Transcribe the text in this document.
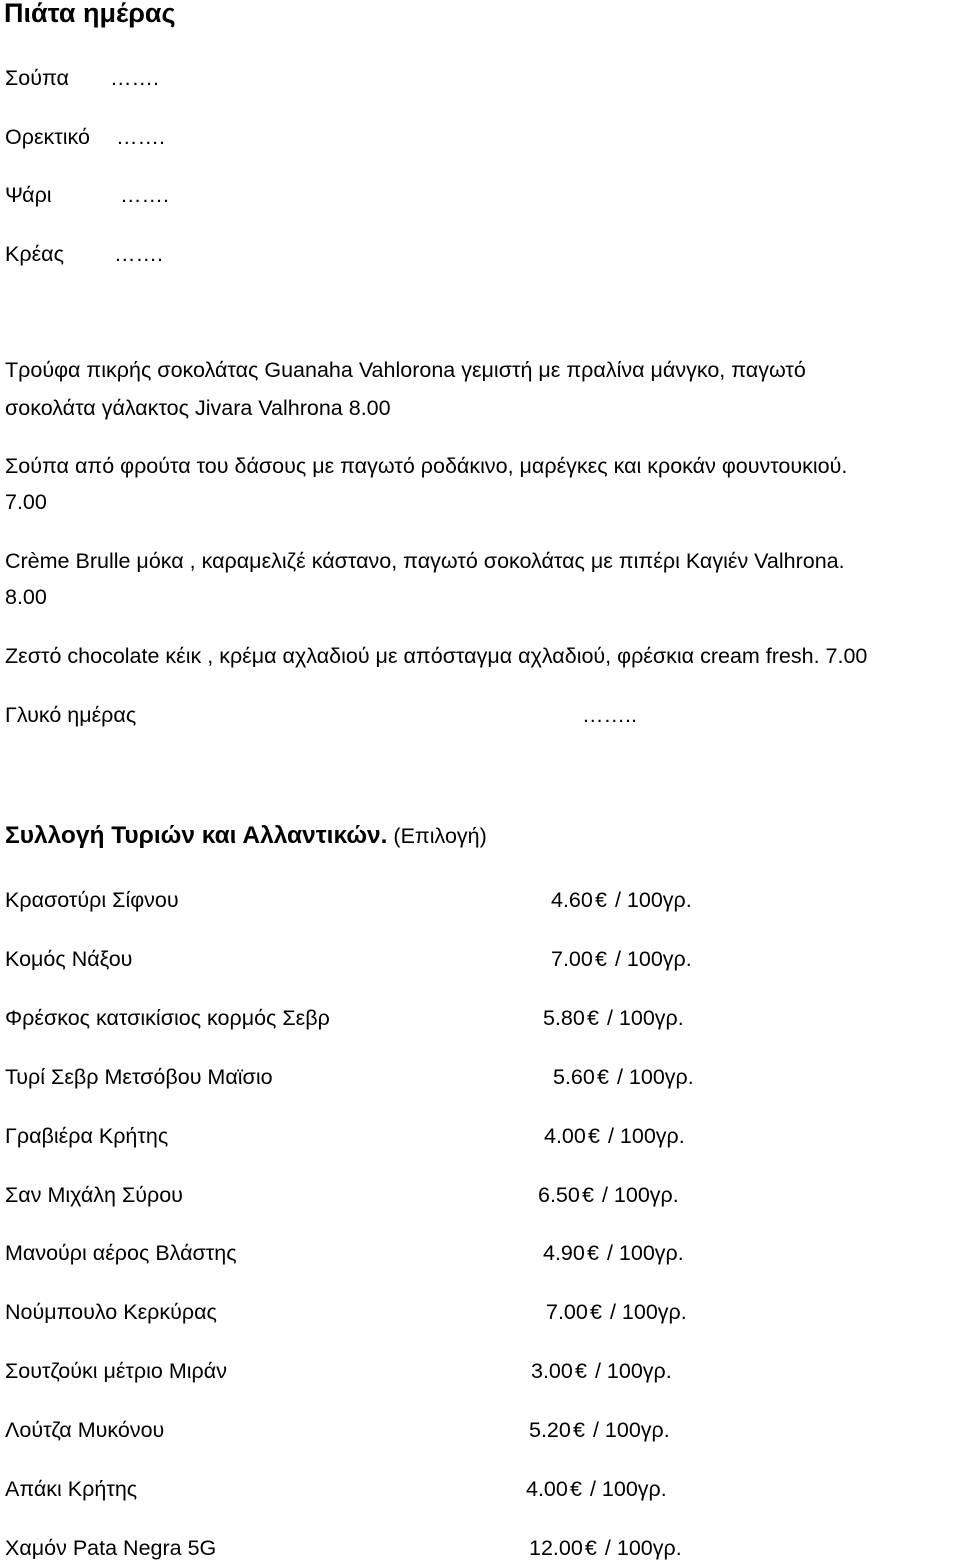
Πιάτα ημέρας
Σούπα …….
Ορεκτικό …….
Ψάρι	…….
Κρέας …….
Τρούφα πικρής σοκολάτας Guanaha Vahlorona γεμιστή με πραλίνα μάνγκο, παγωτό
σοκολάτα γάλακτος Jivara Valhrona 8.00
Σούπα από φρούτα του δάσους με παγωτό ροδάκινο, μαρέγκες και κροκάν φουντουκιού.
7.00
Crème Brulle μόκα , καραμελιζέ κάστανο, παγωτό σοκολάτας με πιπέρι Καγιέν Valhrona.
8.00
Ζεστό chocolate κέικ , κρέμα αχλαδιού με απόσταγμα αχλαδιού, φρέσκια cream fresh. 7.00
Γλυκό ημέρας	……..
Συλλογή Τυριών και Αλλαντικών. (Επιλογή)
Κρασοτύρι Σίφνου	4.60€ / 100γρ.
Κομός Νάξου	7.00€ / 100γρ.
Φρέσκος κατσικίσιος κορμός Σεβρ	5.80€ / 100γρ.
Τυρί Σεβρ Μετσόβου Μαϊσιο	5.60€ / 100γρ.
Γραβιέρα Κρήτης	4.00€ / 100γρ.
Σαν Μιχάλη Σύρου	6.50€ / 100γρ.
Μανούρι αέρος Βλάστης	4.90€ / 100γρ.
Νούμπουλο Κερκύρας	7.00€ / 100γρ.
Σουτζούκι μέτριο Μιράν	3.00€ / 100γρ.
Λούτζα Μυκόνου	5.20€ / 100γρ.
Απάκι Κρήτης	4.00€ / 100γρ.
Χαμόν Pata Negra 5G	12.00€ / 100γρ.
